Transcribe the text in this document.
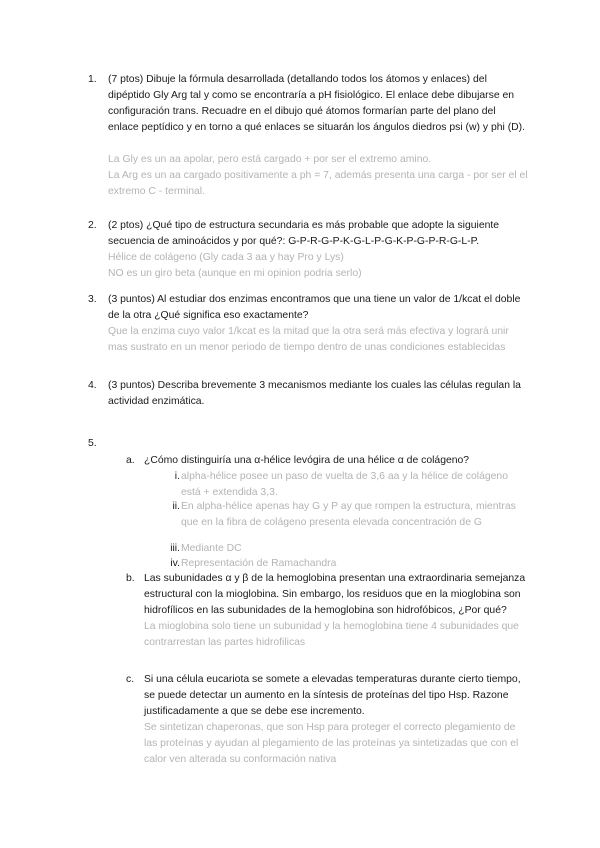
1.	(7 ptos) Dibuje la fórmula desarrollada (detallando todos los átomos y enlaces) del dipéptido Gly Arg tal y como se encontraría a pH fisiológico. El enlace debe dibujarse en configuración trans. Recuadre en el dibujo qué átomos formarían parte del plano del enlace peptídico y en torno a qué enlaces se situarán los ángulos diedros psi (w) y phi (D).

La Gly es un aa apolar, pero está cargado + por ser el extremo amino.

La Arg es un aa cargado positivamente a ph = 7, además presenta una carga - por ser el el extremo C - terminal.

2.	(2 ptos) ¿Qué tipo de estructura secundaria es más probable que adopte la siguiente secuencia de aminoácidos y por qué?: G-P-R-G-P-K-G-L-P-G-K-P-G-P-R-G-L-P.

Hélice de colágeno (Gly cada 3 aa y hay Pro y Lys)

NO es un giro beta (aunque en mi opinion podria serlo)

3.	(3 puntos) Al estudiar dos enzimas encontramos que una tiene un valor de 1/kcat el doble de la otra ¿Qué significa eso exactamente?

Que la enzima cuyo valor 1/kcat es la mitad que la otra será más efectiva y logrará unir mas sustrato en un menor periodo de tiempo dentro de unas condiciones establecidas

4.	(3 puntos) Describa brevemente 3 mecanismos mediante los cuales las células regulan la actividad enzimática.

5.
a. ¿Cómo distinguiría una α-hélice levógira de una hélice α de colágeno?

i. alpha-hélice posee un paso de vuelta de 3,6 aa y la hélice de colágeno está + extendida 3,3.

ii. En alpha-hélice apenas hay G y P ay que rompen la estructura, mientras que en la fibra de colágeno presenta elevada concentración de G

iii. Mediante DC

iv. Representación de Ramachandra

b. Las subunidades α y β de la hemoglobina presentan una extraordinaria semejanza estructural con la mioglobina. Sin embargo, los residuos que en la mioglobina son hidrofílicos en las subunidades de la hemoglobina son hidrofóbicos, ¿Por qué?

La mioglobina solo tiene un subunidad y la hemoglobina tiene 4 subunidades que contrarrestan las partes hidrofilicas

c. Si una célula eucariota se somete a elevadas temperaturas durante cierto tiempo, se puede detectar un aumento en la síntesis de proteínas del tipo Hsp. Razone justificadamente a que se debe ese incremento.

Se sintetizan chaperonas, que son Hsp para proteger el correcto plegamiento de las proteínas y ayudan al plegamiento de las proteínas ya sintetizadas que con el calor ven alterada su conformación nativa
